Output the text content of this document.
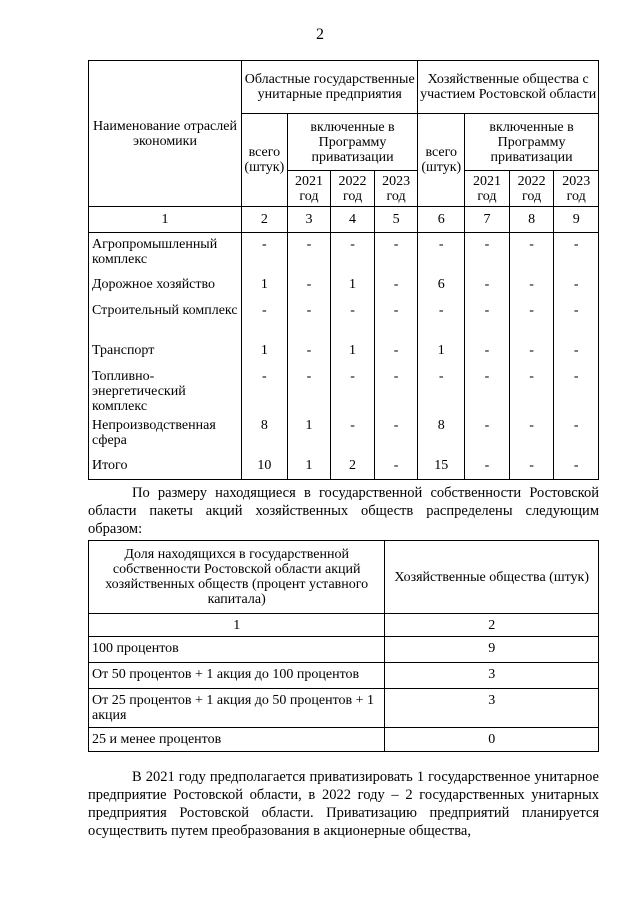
2
Наименование отраслей экономики	Областные государственные унитарные предприятия				Хозяйственные общества с участием Ростовской области			
	всего (штук)	включенные в Программу приватизации			всего (штук)	включенные в Программу приватизации		
		2021 год	2022 год	2023 год		2021 год	2022 год	2023 год
1	2	3	4	5	6	7	8	9
Агропромышленный комплекс	-	-	-	-	-	-	-	-
Дорожное хозяйство	1	-	1	-	6	-	-	-
Строительный комплекс	-	-	-	-	-	-	-	-
Транспорт	1	-	1	-	1	-	-	-
Топливно-энергетический комплекс	-	-	-	-	-	-	-	-
Непроизводственная сфера	8	1	-	-	8	-	-	-
Итого	10	1	2	-	15	-	-	-

По размеру находящиеся в государственной собственности Ростовской области пакеты акций хозяйственных обществ распределены следующим образом:

Доля находящихся в государственной собственности Ростовской области акций хозяйственных обществ (процент уставного капитала)	Хозяйственные общества (штук)
1	2
100 процентов	9
От 50 процентов + 1 акция до 100 процентов	3
От 25 процентов + 1 акция до 50 процентов + 1 акция	3
25 и менее процентов	0

В 2021 году предполагается приватизировать 1 государственное унитарное предприятие Ростовской области, в 2022 году – 2 государственных унитарных предприятия Ростовской области. Приватизацию предприятий планируется осуществить путем преобразования в акционерные общества,
